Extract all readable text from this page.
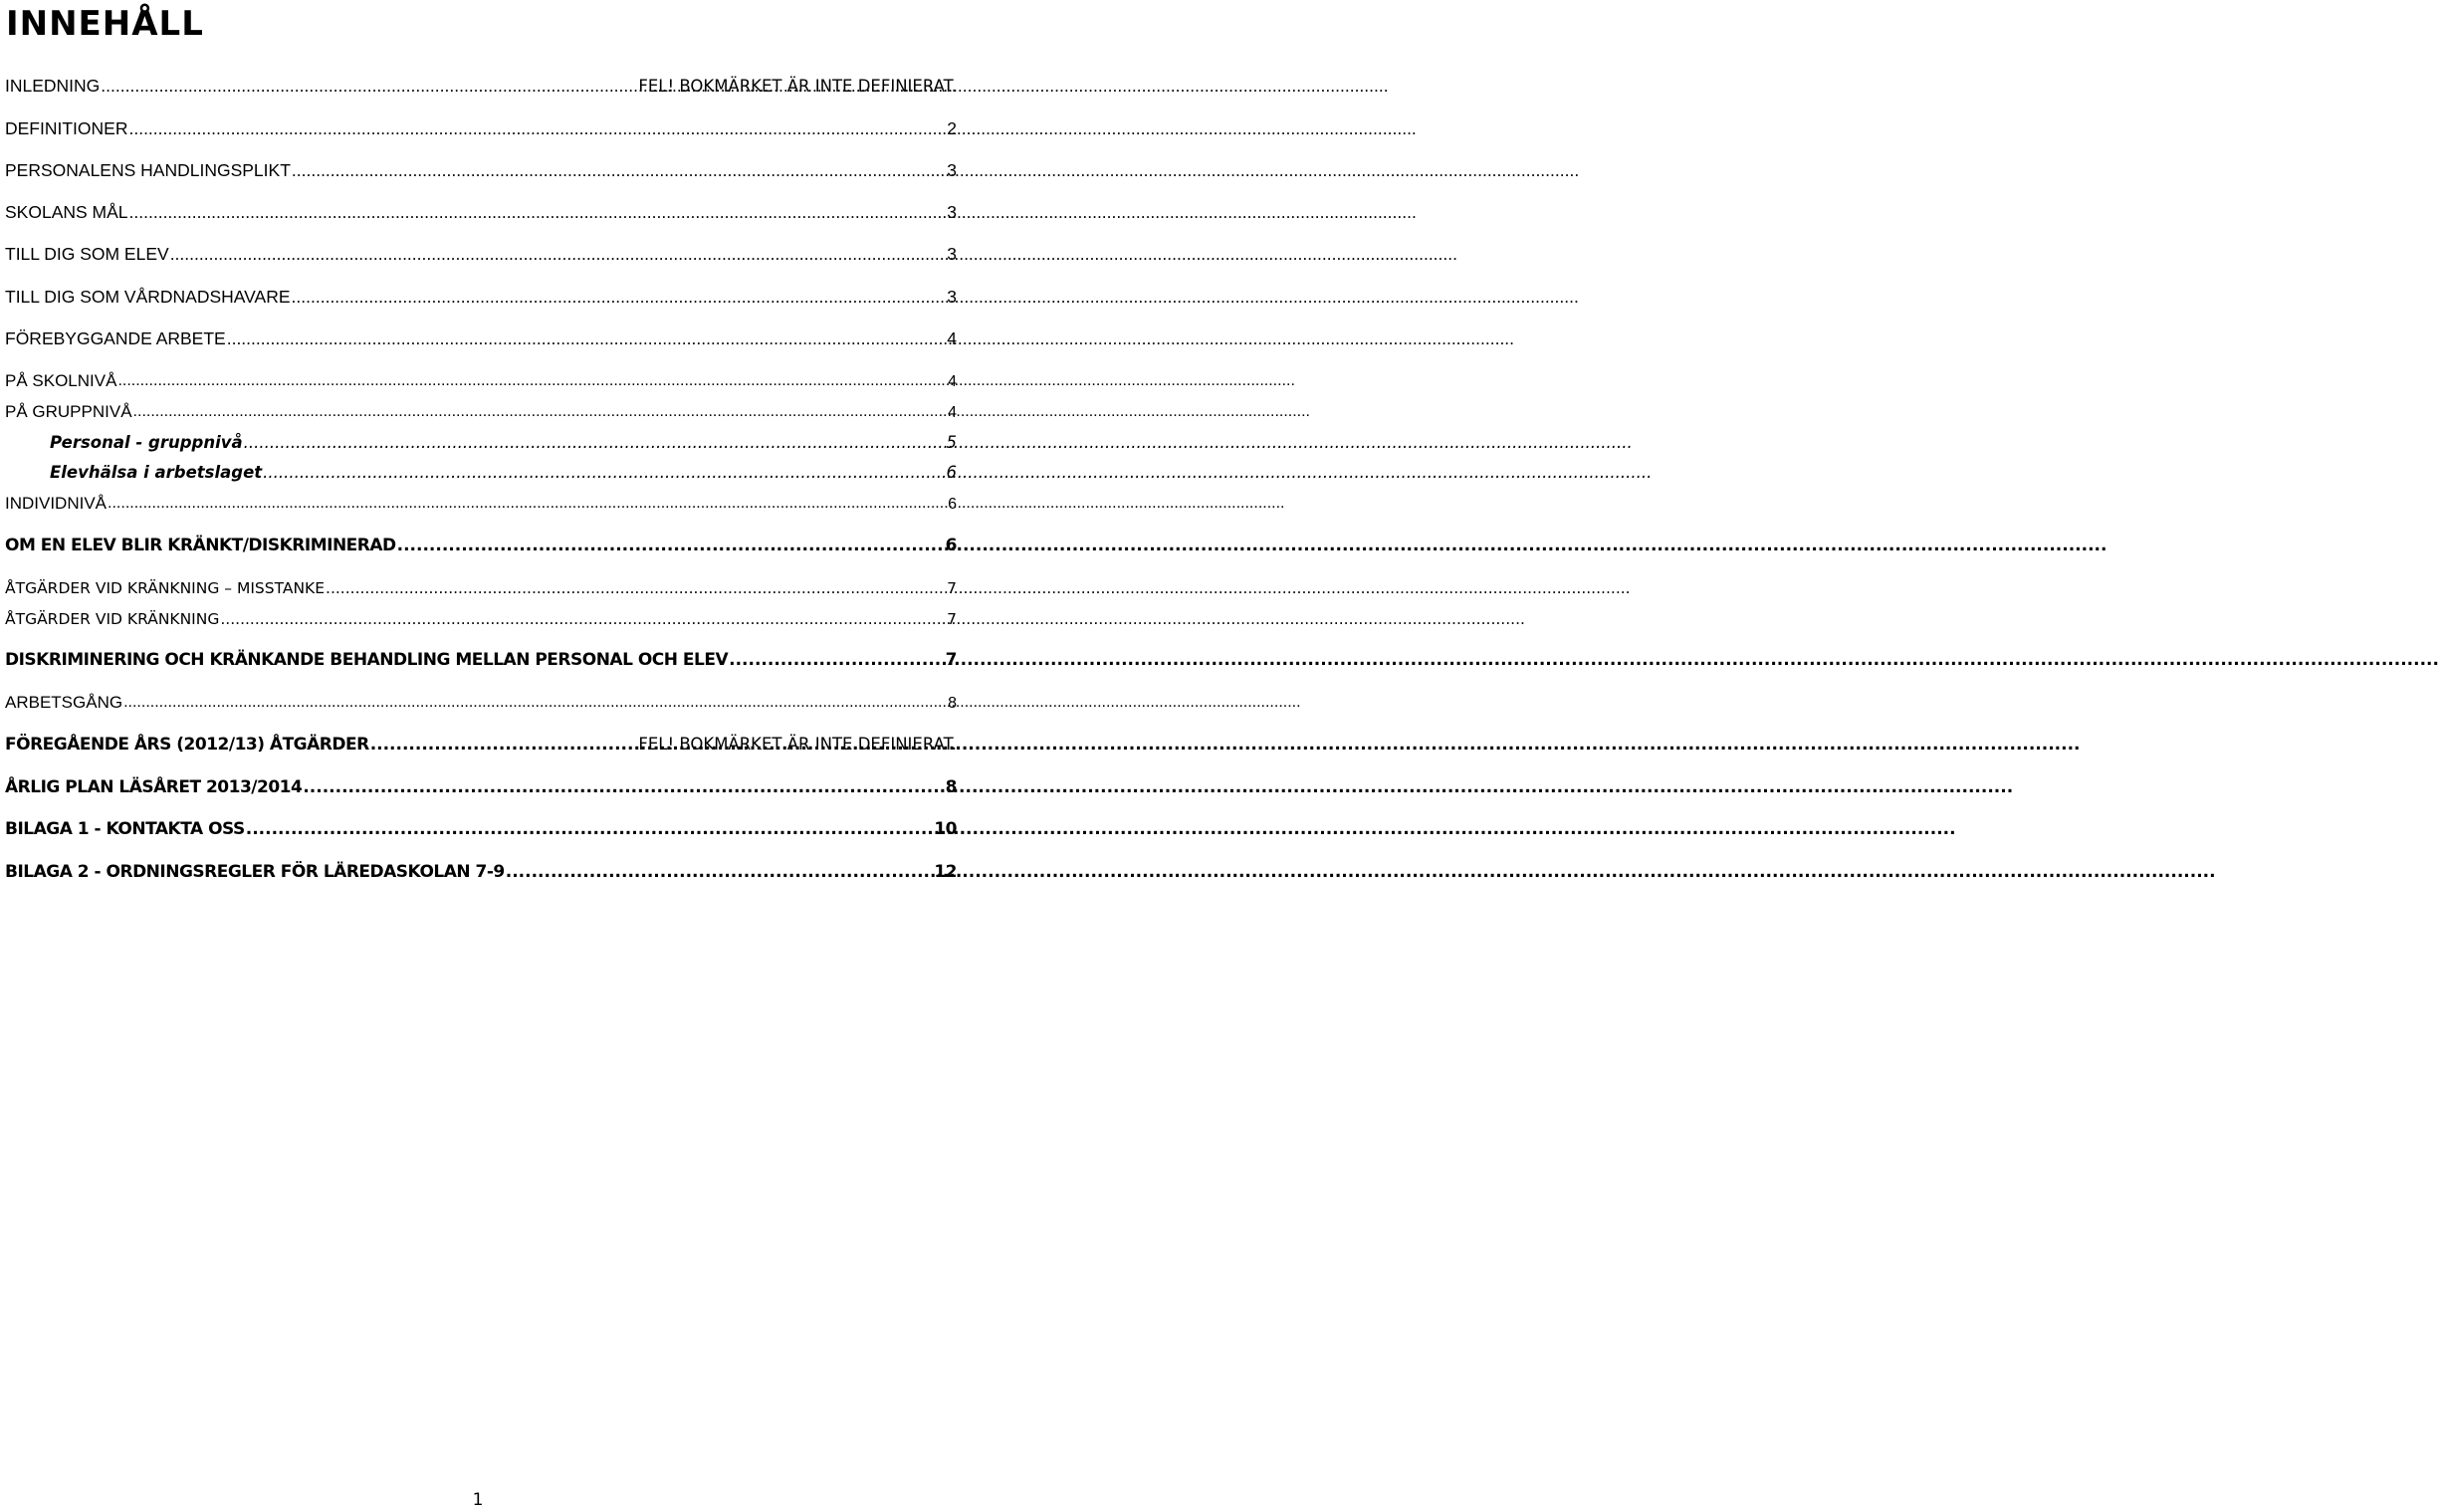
INNEHÅLL
INLEDNING .....	FEL! BOKMÄRKET ÄR INTE DEFINIERAT.
DEFINITIONER .....	2
PERSONALENS HANDLINGSPLIKT .....	3
SKOLANS MÅL .....	3
TILL DIG SOM ELEV .....	3
TILL DIG SOM VÅRDNADSHAVARE .....	3
FÖREBYGGANDE ARBETE .....	4
PÅ SKOLNIVÅ .....	4
PÅ GRUPPNIVÅ .....	4
Personal - gruppnivå .....	5
Elevhälsa i arbetslaget .....	6
INDIVIDNIVÅ .....	6
OM EN ELEV BLIR KRÄNKT/DISKRIMINERAD .....	6
ÅTGÄRDER VID KRÄNKNING – MISSTANKE .....	7
ÅTGÄRDER VID KRÄNKNING .....	7
DISKRIMINERING OCH KRÄNKANDE BEHANDLING MELLAN PERSONAL OCH ELEV .....	7
ARBETSGÅNG .....	8
FÖREGÅENDE ÅRS (2012/13) ÅTGÄRDER .....	FEL! BOKMÄRKET ÄR INTE DEFINIERAT.
ÅRLIG PLAN LÄSÅRET 2013/2014 .....	8
BILAGA 1 - KONTAKTA OSS .....	10
BILAGA 2 - ORDNINGSREGLER FÖR LÄREDASKOLAN 7-9 .....	12
1
